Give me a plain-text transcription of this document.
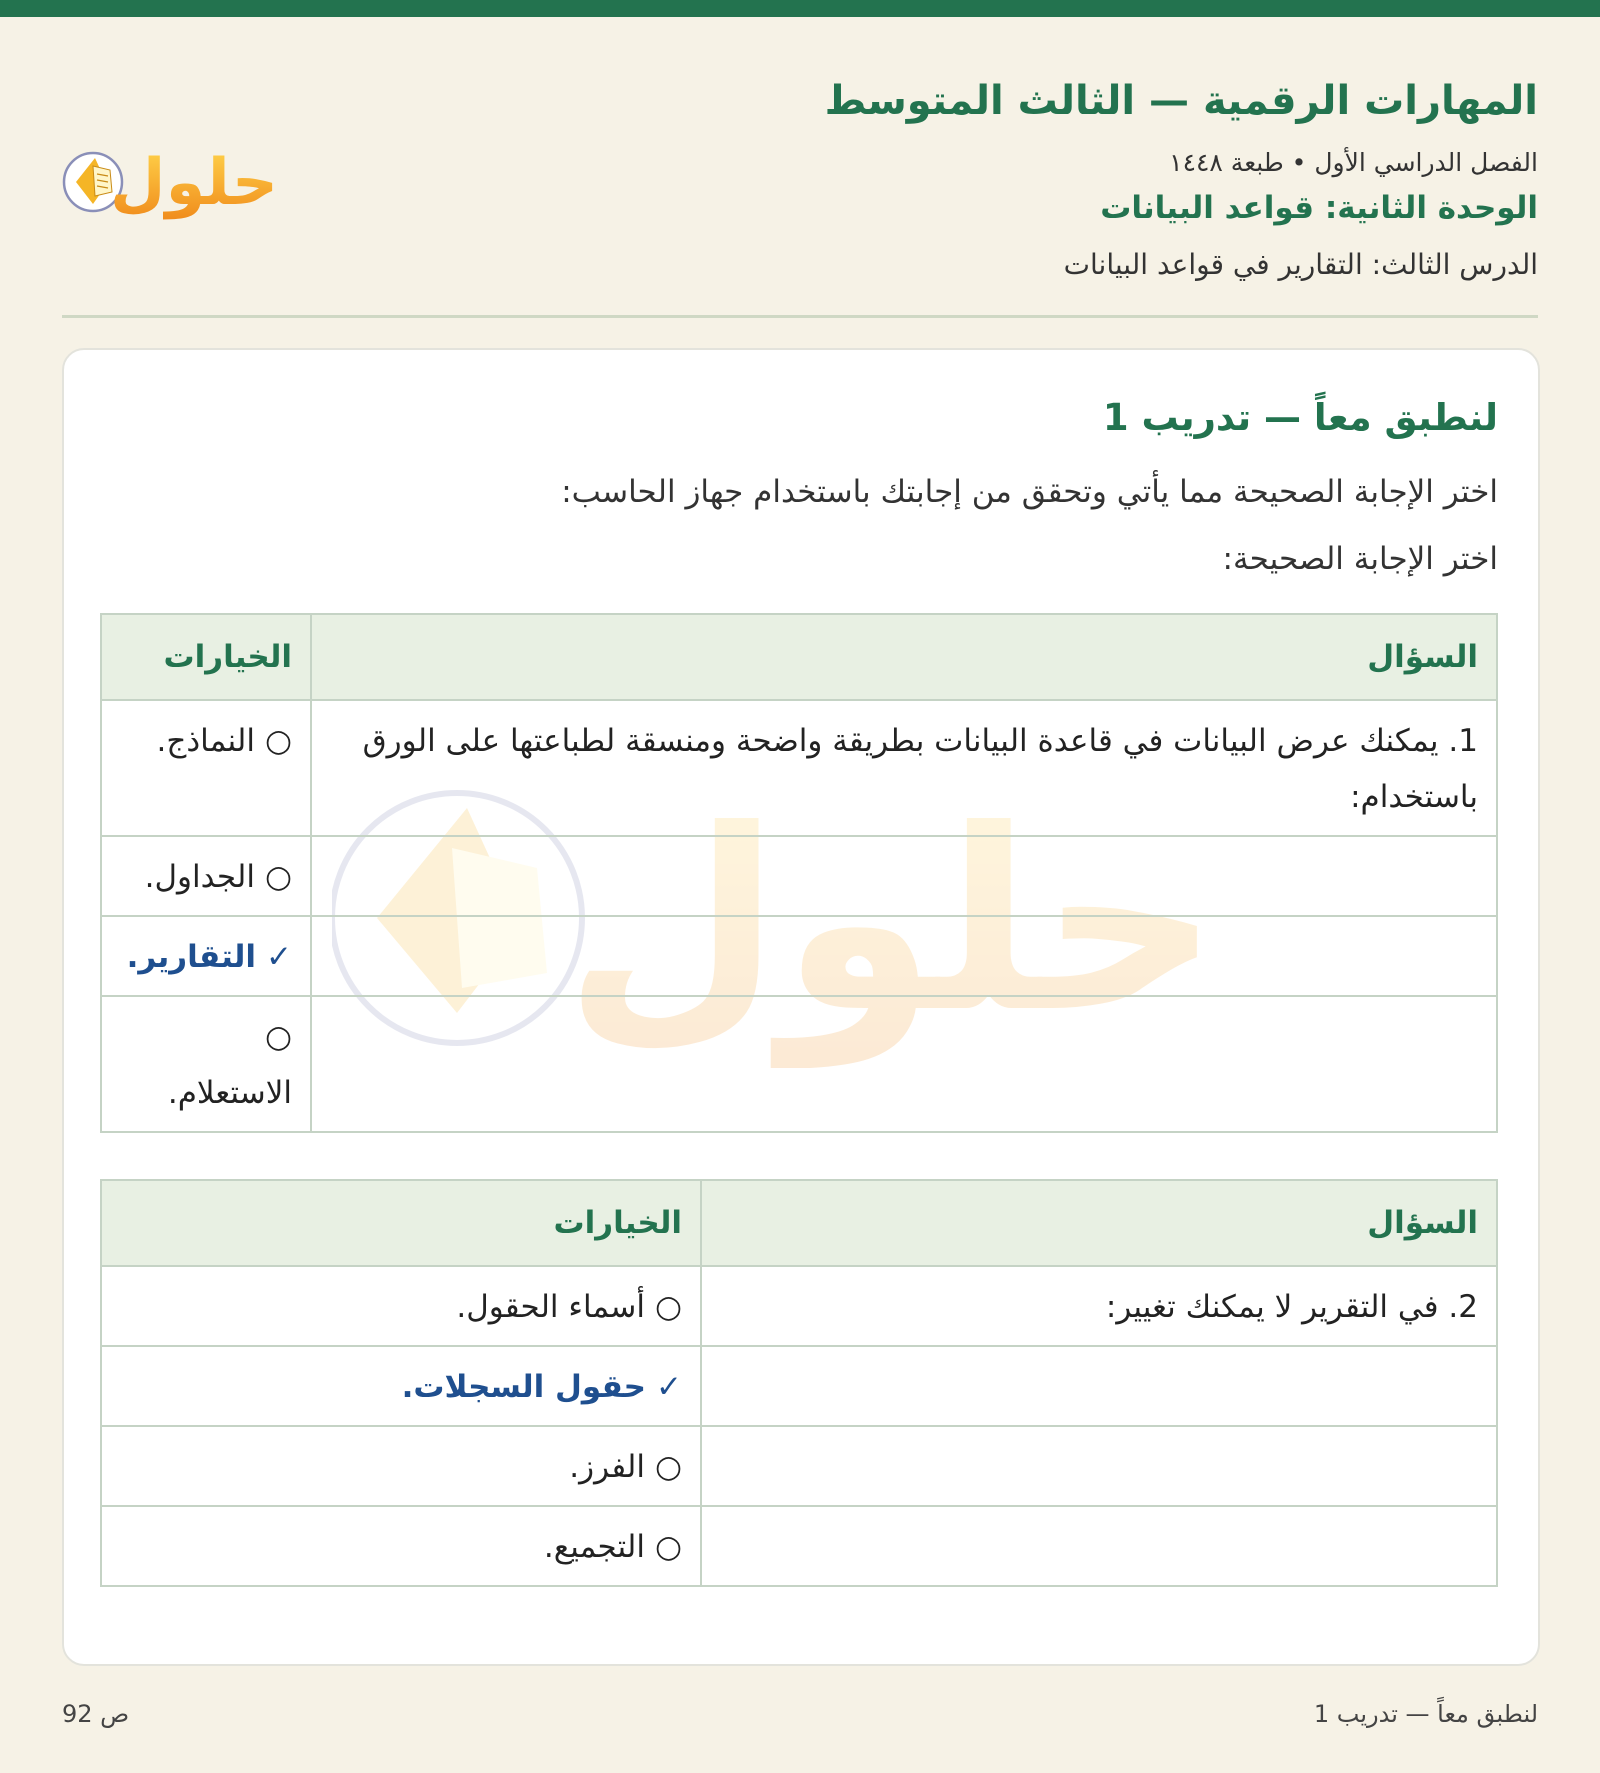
المهارات الرقمية — الثالث المتوسط
الفصل الدراسي الأول • طبعة ١٤٤٨
الوحدة الثانية: قواعد البيانات
الدرس الثالث: التقارير في قواعد البيانات
حلول
لنطبق معاً — تدريب 1
اختر الإجابة الصحيحة مما يأتي وتحقق من إجابتك باستخدام جهاز الحاسب:
اختر الإجابة الصحيحة:
حلول
السؤال	الخيارات
1. يمكنك عرض البيانات في قاعدة البيانات بطريقة واضحة ومنسقة لطباعتها على الورق باستخدام:	○النماذج.
	○الجداول.
	✓التقارير.
	○
الاستعلام.
السؤال	الخيارات
2. في التقرير لا يمكنك تغيير:	○أسماء الحقول.
	✓حقول السجلات.
	○الفرز.
	○التجميع.
لنطبق معاً — تدريب 1
ص 92
